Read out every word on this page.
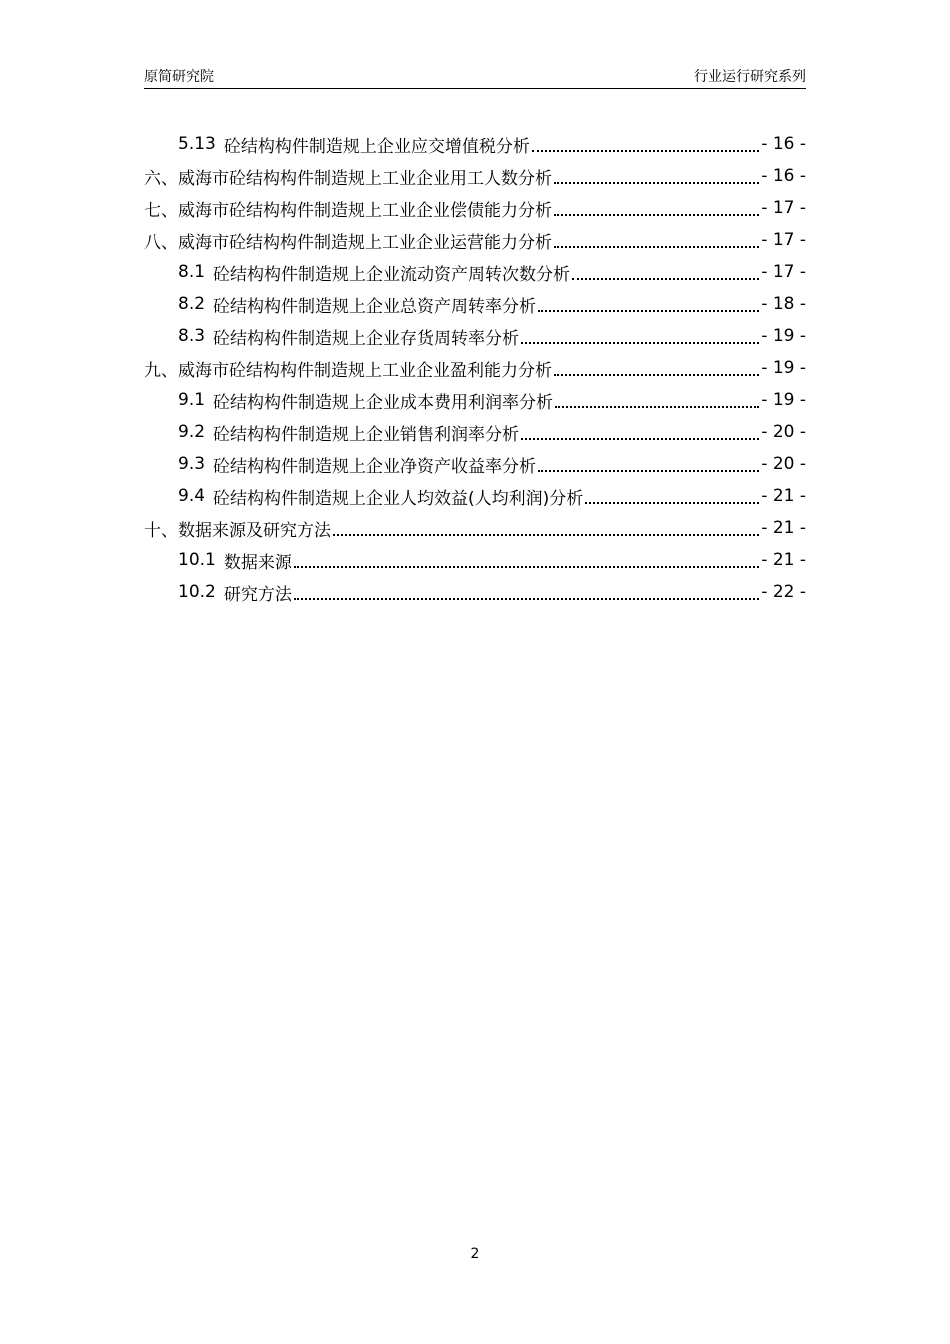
原简研究院	行业运行研究系列
5.13 砼结构构件制造规上企业应交增值税分析	- 16 -
六、威海市砼结构构件制造规上工业企业用工人数分析	- 16 -
七、威海市砼结构构件制造规上工业企业偿债能力分析	- 17 -
八、威海市砼结构构件制造规上工业企业运营能力分析	- 17 -
8.1 砼结构构件制造规上企业流动资产周转次数分析	- 17 -
8.2 砼结构构件制造规上企业总资产周转率分析	- 18 -
8.3 砼结构构件制造规上企业存货周转率分析	- 19 -
九、威海市砼结构构件制造规上工业企业盈利能力分析	- 19 -
9.1 砼结构构件制造规上企业成本费用利润率分析	- 19 -
9.2 砼结构构件制造规上企业销售利润率分析	- 20 -
9.3 砼结构构件制造规上企业净资产收益率分析	- 20 -
9.4 砼结构构件制造规上企业人均效益(人均利润)分析	- 21 -
十、数据来源及研究方法	- 21 -
10.1 数据来源	- 21 -
10.2 研究方法	- 22 -
2
